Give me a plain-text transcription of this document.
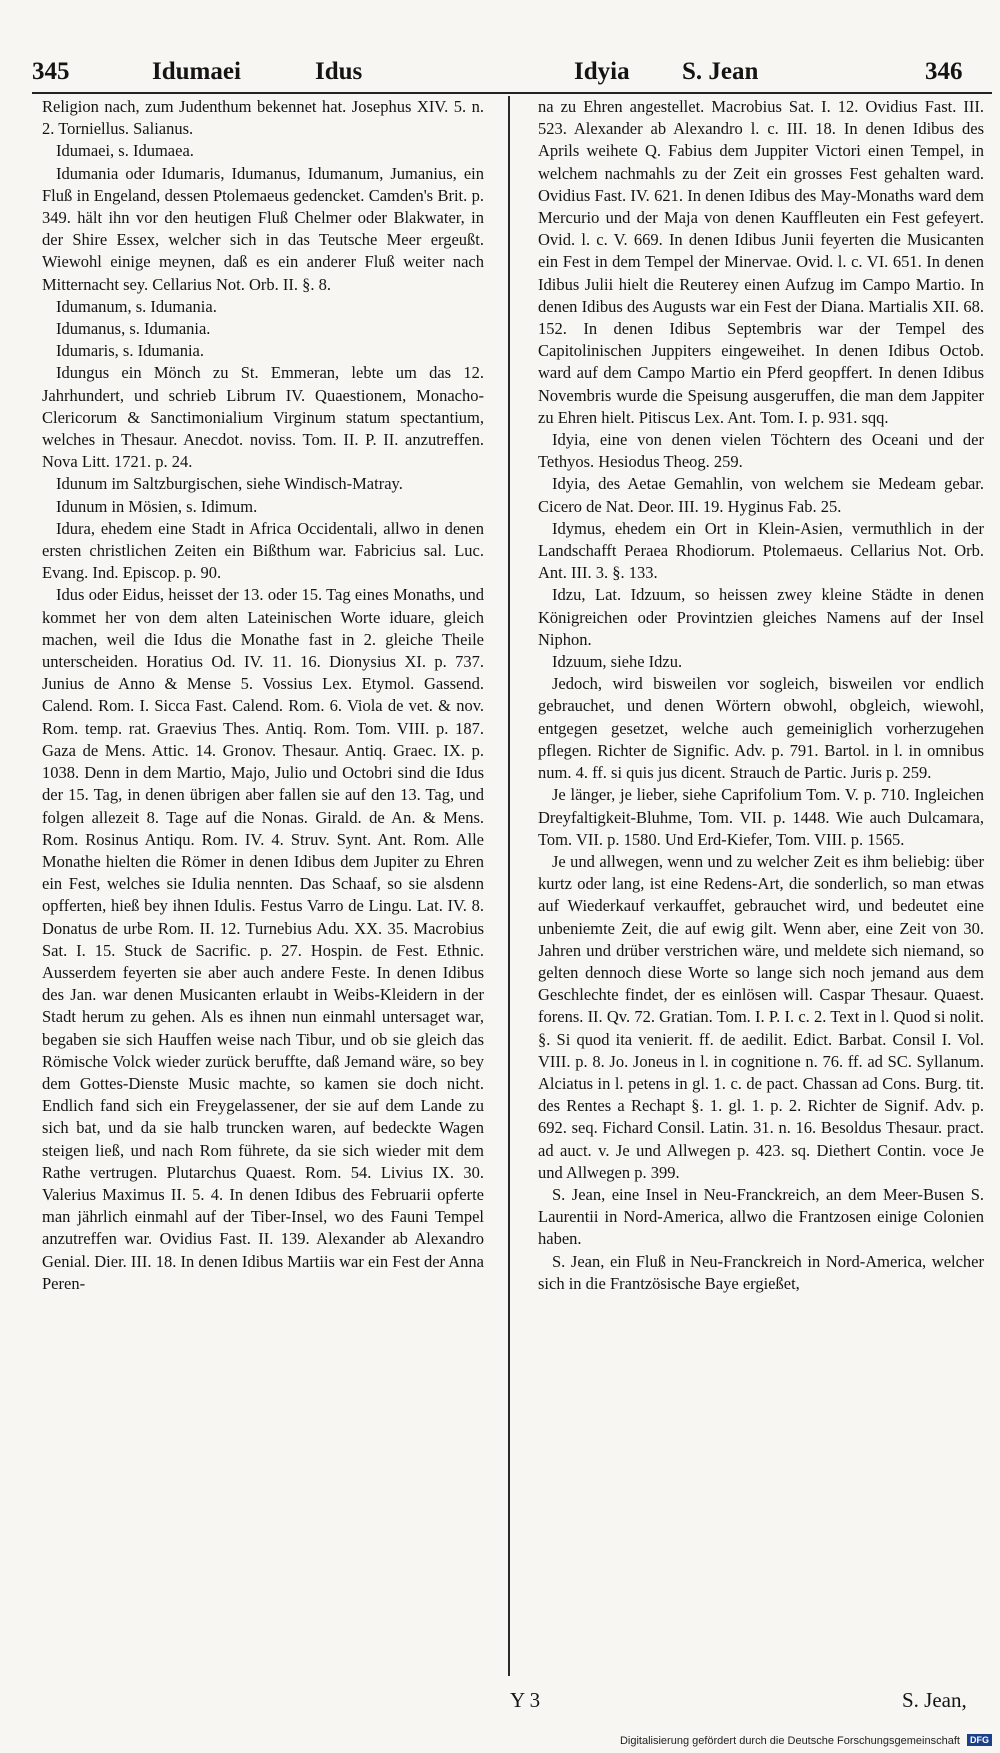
345	Idumaei	Idus	Idyia S. Jean	346

Religion nach, zum Judenthum bekennet hat. Josephus XIV. 5. n. 2. Torniellus. Salianus.

Idumaei, s. Idumaea.

Idumania oder Idumaris, Idumanus, Idumanum, Jumanius, ein Fluß in Engeland, dessen Ptolemaeus gedencket. Camden's Brit. p. 349. hält ihn vor den heutigen Fluß Chelmer oder Blakwater, in der Shire Essex, welcher sich in das Teutsche Meer ergeußt. Wiewohl einige meynen, daß es ein anderer Fluß weiter nach Mitternacht sey. Cellarius Not. Orb. II. §. 8.

Idumanum, s. Idumania.

Idumanus, s. Idumania.

Idumaris, s. Idumania.

Idungus ein Mönch zu St. Emmeran, lebte um das 12. Jahrhundert, und schrieb Librum IV. Quaestionem, Monacho-Clericorum & Sanctimonialium Virginum statum spectantium, welches in Thesaur. Anecdot. noviss. Tom. II. P. II. anzutreffen. Nova Litt. 1721. p. 24.

Idunum im Saltzburgischen, siehe Windisch-Matray.

Idunum in Mösien, s. Idimum.

Idura, ehedem eine Stadt in Africa Occidentali, allwo in denen ersten christlichen Zeiten ein Bißthum war. Fabricius sal. Luc. Evang. Ind. Episcop. p. 90.

Idus oder Eidus, heisset der 13. oder 15. Tag eines Monaths, und kommet her von dem alten Lateinischen Worte iduare, gleich machen, weil die Idus die Monathe fast in 2. gleiche Theile unterscheiden. Horatius Od. IV. 11. 16. Dionysius XI. p. 737. Junius de Anno & Mense 5. Vossius Lex. Etymol. Gassend. Calend. Rom. I. Sicca Fast. Calend. Rom. 6. Viola de vet. & nov. Rom. temp. rat. Graevius Thes. Antiq. Rom. Tom. VIII. p. 187. Gaza de Mens. Attic. 14. Gronov. Thesaur. Antiq. Graec. IX. p. 1038. Denn in dem Martio, Majo, Julio und Octobri sind die Idus der 15. Tag, in denen übrigen aber fallen sie auf den 13. Tag, und folgen allezeit 8. Tage auf die Nonas. Girald. de An. & Mens. Rom. Rosinus Antiqu. Rom. IV. 4. Struv. Synt. Ant. Rom. Alle Monathe hielten die Römer in denen Idibus dem Jupiter zu Ehren ein Fest, welches sie Idulia nennten. Das Schaaf, so sie alsdenn opfferten, hieß bey ihnen Idulis. Festus Varro de Lingu. Lat. IV. 8. Donatus de urbe Rom. II. 12. Turnebius Adu. XX. 35. Macrobius Sat. I. 15. Stuck de Sacrific. p. 27. Hospin. de Fest. Ethnic. Ausserdem feyerten sie aber auch andere Feste. In denen Idibus des Jan. war denen Musicanten erlaubt in Weibs-Kleidern in der Stadt herum zu gehen. Als es ihnen nun einmahl untersaget war, begaben sie sich Hauffen weise nach Tibur, und ob sie gleich das Römische Volck wieder zurück beruffte, daß Jemand wäre, so bey dem Gottes-Dienste Music machte, so kamen sie doch nicht. Endlich fand sich ein Freygelassener, der sie auf dem Lande zu sich bat, und da sie halb truncken waren, auf bedeckte Wagen steigen ließ, und nach Rom führete, da sie sich wieder mit dem Rathe vertrugen. Plutarchus Quaest. Rom. 54. Livius IX. 30. Valerius Maximus II. 5. 4. In denen Idibus des Februarii opferte man jährlich einmahl auf der Tiber-Insel, wo des Fauni Tempel anzutreffen war. Ovidius Fast. II. 139. Alexander ab Alexandro Genial. Dier. III. 18. In denen Idibus Martiis war ein Fest der Anna Peren-

na zu Ehren angestellet. Macrobius Sat. I. 12. Ovidius Fast. III. 523. Alexander ab Alexandro l. c. III. 18. In denen Idibus des Aprils weihete Q. Fabius dem Juppiter Victori einen Tempel, in welchem nachmahls zu der Zeit ein grosses Fest gehalten ward. Ovidius Fast. IV. 621. In denen Idibus des May-Monaths ward dem Mercurio und der Maja von denen Kauffleuten ein Fest gefeyert. Ovid. l. c. V. 669. In denen Idibus Junii feyerten die Musicanten ein Fest in dem Tempel der Minervae. Ovid. l. c. VI. 651. In denen Idibus Julii hielt die Reuterey einen Aufzug im Campo Martio. In denen Idibus des Augusts war ein Fest der Diana. Martialis XII. 68. 152. In denen Idibus Septembris war der Tempel des Capitolinischen Juppiters eingeweihet. In denen Idibus Octob. ward auf dem Campo Martio ein Pferd geopffert. In denen Idibus Novembris wurde die Speisung ausgeruffen, die man dem Jappiter zu Ehren hielt. Pitiscus Lex. Ant. Tom. I. p. 931. sqq.

Idyia, eine von denen vielen Töchtern des Oceani und der Tethyos. Hesiodus Theog. 259.

Idyia, des Aetae Gemahlin, von welchem sie Medeam gebar. Cicero de Nat. Deor. III. 19. Hyginus Fab. 25.

Idymus, ehedem ein Ort in Klein-Asien, vermuthlich in der Landschafft Peraea Rhodiorum. Ptolemaeus. Cellarius Not. Orb. Ant. III. 3. §. 133.

Idzu, Lat. Idzuum, so heissen zwey kleine Städte in denen Königreichen oder Provintzien gleiches Namens auf der Insel Niphon.

Idzuum, siehe Idzu.

Jedoch, wird bisweilen vor sogleich, bisweilen vor endlich gebrauchet, und denen Wörtern obwohl, obgleich, wiewohl, entgegen gesetzet, welche auch gemeiniglich vorherzugehen pflegen. Richter de Signific. Adv. p. 791. Bartol. in l. in omnibus num. 4. ff. si quis jus dicent. Strauch de Partic. Juris p. 259.

Je länger, je lieber, siehe Caprifolium Tom. V. p. 710. Ingleichen Dreyfaltigkeit-Bluhme, Tom. VII. p. 1448. Wie auch Dulcamara, Tom. VII. p. 1580. Und Erd-Kiefer, Tom. VIII. p. 1565.

Je und allwegen, wenn und zu welcher Zeit es ihm beliebig: über kurtz oder lang, ist eine Redens-Art, die sonderlich, so man etwas auf Wiederkauf verkauffet, gebrauchet wird, und bedeutet eine unbeniemte Zeit, die auf ewig gilt. Wenn aber, eine Zeit von 30. Jahren und drüber verstrichen wäre, und meldete sich niemand, so gelten dennoch diese Worte so lange sich noch jemand aus dem Geschlechte findet, der es einlösen will. Caspar Thesaur. Quaest. forens. II. Qv. 72. Gratian. Tom. I. P. I. c. 2. Text in l. Quod si nolit. §. Si quod ita venierit. ff. de aedilit. Edict. Barbat. Consil I. Vol. VIII. p. 8. Jo. Joneus in l. in cognitione n. 76. ff. ad SC. Syllanum. Alciatus in l. petens in gl. 1. c. de pact. Chassan ad Cons. Burg. tit. des Rentes a Rechapt §. 1. gl. 1. p. 2. Richter de Signif. Adv. p. 692. seq. Fichard Consil. Latin. 31. n. 16. Besoldus Thesaur. pract. ad auct. v. Je und Allwegen p. 423. sq. Diethert Contin. voce Je und Allwegen p. 399.

S. Jean, eine Insel in Neu-Franckreich, an dem Meer-Busen S. Laurentii in Nord-America, allwo die Frantzosen einige Colonien haben.

S. Jean, ein Fluß in Neu-Franckreich in Nord-America, welcher sich in die Frantzösische Baye ergießet,

Y 3	S. Jean,
Digitalisierung gefördert durch die Deutsche Forschungsgemeinschaft DFG
